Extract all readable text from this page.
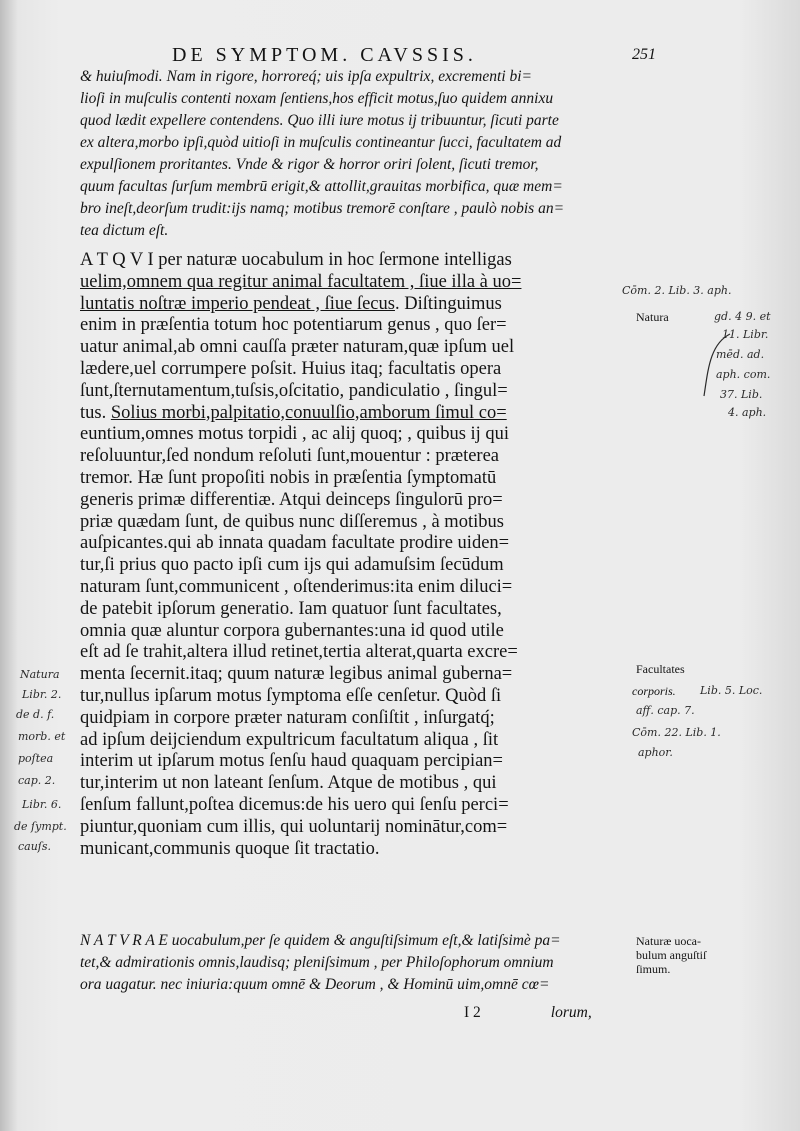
DE SYMPTOM. CAVSSIS.	251
& huiuſmodi. Nam in rigore, horroreq́; uis ipſa expultrix, excrementi bi=
lioſi in muſculis contenti noxam ſentiens,hos efficit motus,ſuo quidem annixu
quod lædit expellere contendens. Quo illi iure motus ij tribuuntur, ſicuti parte
ex altera,morbo ipſi,quòd uitioſi in muſculis contineantur ſucci, facultatem ad
expulſionem proritantes. Vnde & rigor & horror oriri ſolent, ſicuti tremor,
quum facultas ſurſum membrū erigit,& attollit,grauitas morbifica, quæ mem=
bro ineſt,deorſum trudit:ijs namq; motibus tremorē conſtare , paulò nobis an=
tea dictum eſt.
A T Q V I per naturæ uocabulum in hoc ſermone intelligas
uelim,omnem qua regitur animal facultatem , ſiue illa à uo=
luntatis noſtræ imperio pendeat , ſiue ſecus. Diſtinguimus
enim in præſentia totum hoc potentiarum genus , quo ſer=
uatur animal,ab omni cauſſa præter naturam,quæ ipſum uel
lædere,uel corrumpere poſsit. Huius itaq; facultatis opera
ſunt,ſternutamentum,tuſsis,oſcitatio, pandiculatio , ſingul=
tus. Solius morbi,palpitatio,conuulſio,amborum ſimul co=
euntium,omnes motus torpidi , ac alij quoq; , quibus ij qui
reſoluuntur,ſed nondum reſoluti ſunt,mouentur : præterea
tremor. Hæ ſunt propoſiti nobis in præſentia ſymptomatū
generis primæ differentiæ. Atqui deinceps ſingulorū pro=
priæ quædam ſunt, de quibus nunc diſſeremus , à motibus
auſpicantes.qui ab innata quadam facultate prodire uiden=
tur,ſi prius quo pacto ipſi cum ijs qui adamuſsim ſecūdum
naturam ſunt,communicent , oſtenderimus:ita enim diluci=
de patebit ipſorum generatio. Iam quatuor ſunt facultates,
omnia quæ aluntur corpora gubernantes:una id quod utile
eſt ad ſe trahit,altera illud retinet,tertia alterat,quarta excre=
menta ſecernit.itaq; quum naturæ legibus animal guberna=
tur,nullus ipſarum motus ſymptoma eſſe cenſetur. Quòd ſi
quidpiam in corpore præter naturam conſiſtit , inſurgatq́;
ad ipſum deijciendum expultricum facultatum aliqua , ſit
interim ut ipſarum motus ſenſu haud quaquam percipian=
tur,interim ut non lateant ſenſum. Atque de motibus , qui
ſenſum fallunt,poſtea dicemus:de his uero qui ſenſu perci=
piuntur,quoniam cum illis, qui uoluntarij nominātur,com=
municant,communis quoque ſit tractatio.
N A T V R A E uocabulum,per ſe quidem & anguſtiſsimum eſt,& latiſsimè pa=
tet,& admirationis omnis,laudisq; pleniſsimum , per Philoſophorum omnium
ora uagatur. nec iniuria:quum omnē & Deorum , & Hominū uim,omnē cœ=
I 2	lorum,
Natura
Facultates
corporis.
Naturæ uoca-
bulum anguſtiſ
ſimum.
Cōm. 2. Lib. 3. aph.
gd. 4 9. et
11. Libr.
mēd. ad.
aph. com.
37. Lib.
4. aph.
Lib. 5. Loc.
aff. cap. 7.
Cōm. 22. Lib. 1.
aphor.
Natura
Libr. 2.
de d. f.
morb. et
poſtea
cap. 2.
Libr. 6.
de ſympt.
cauſs.
